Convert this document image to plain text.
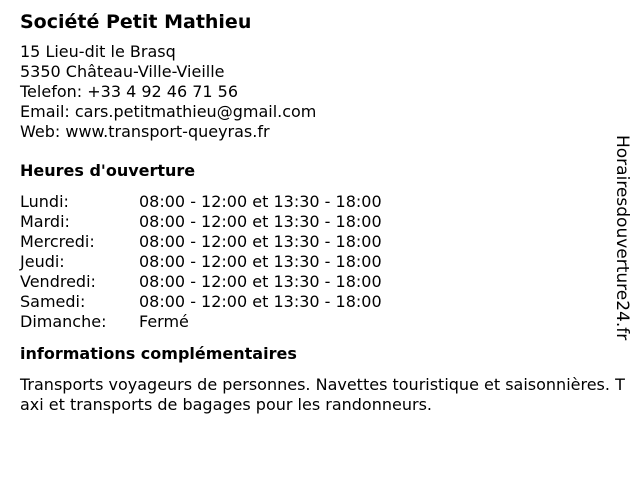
Société Petit Mathieu
15 Lieu-dit le Brasq
5350 Château-Ville-Vieille
Telefon: +33 4 92 46 71 56
Email: cars.petitmathieu@gmail.com
Web: www.transport-queyras.fr
Heures d'ouverture
Lundi:	08:00 - 12:00 et 13:30 - 18:00
Mardi:	08:00 - 12:00 et 13:30 - 18:00
Mercredi:	08:00 - 12:00 et 13:30 - 18:00
Jeudi:	08:00 - 12:00 et 13:30 - 18:00
Vendredi:	08:00 - 12:00 et 13:30 - 18:00
Samedi:	08:00 - 12:00 et 13:30 - 18:00
Dimanche:	Fermé
informations complémentaires
Transports voyageurs de personnes. Navettes touristique et saisonnières. Taxi et transports de bagages pour les randonneurs.
Horairesdouverture24.fr
